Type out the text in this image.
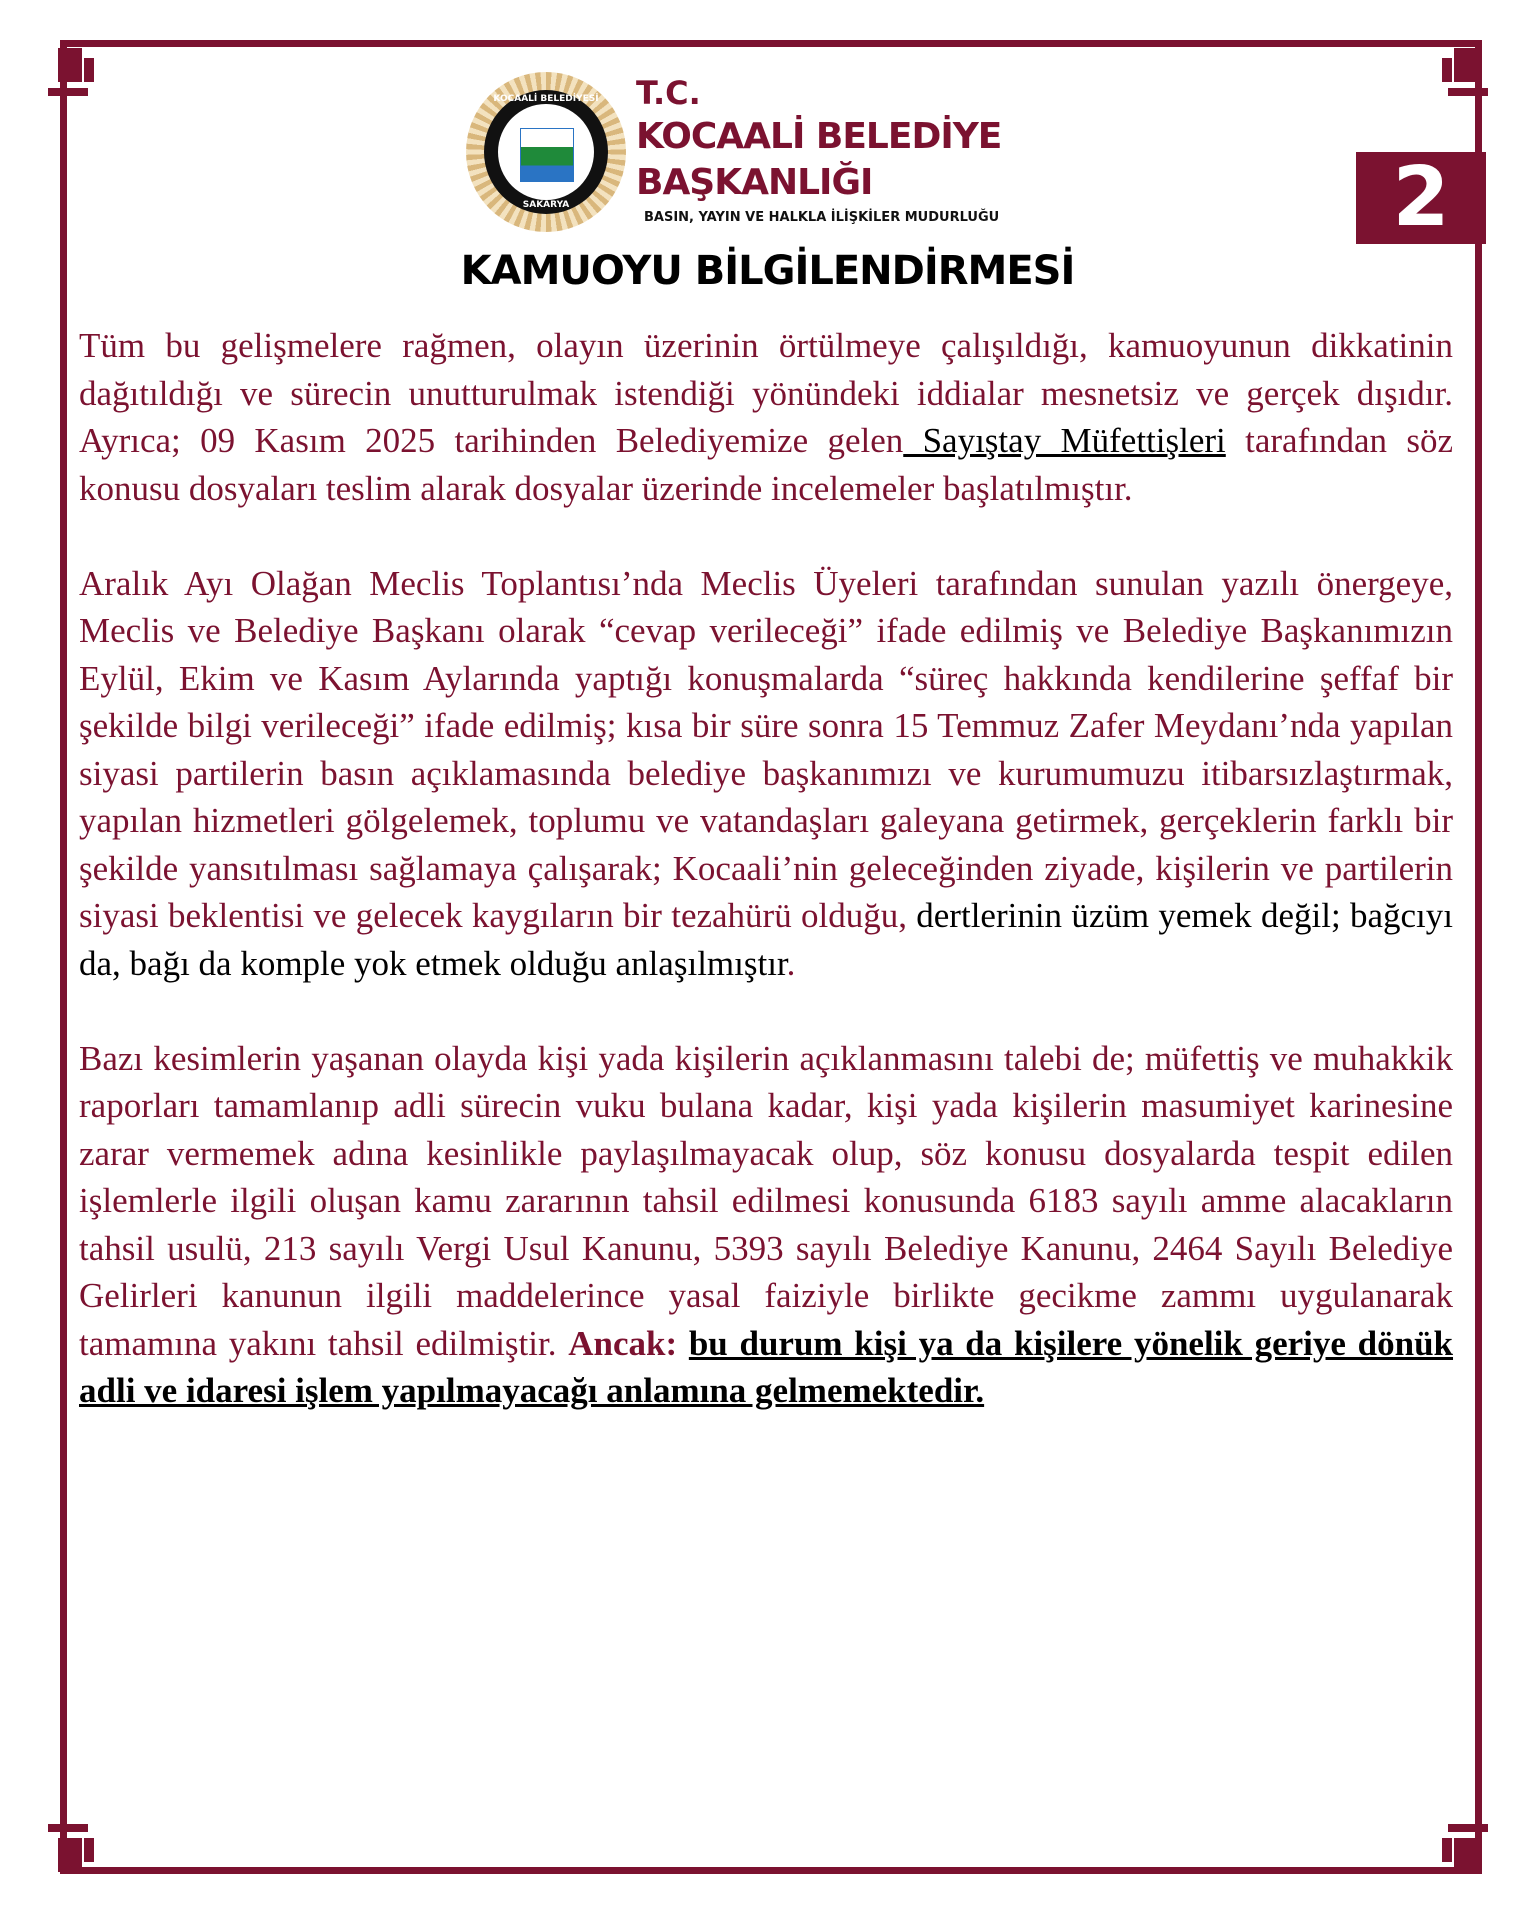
KOCAALİ BELEDİYESİ
SAKARYA
T.C.
KOCAALİ BELEDİYE
BAŞKANLIĞI
BASIN, YAYIN VE HALKLA İLİŞKİLER MUDURLUĞU	2
KAMUOYU BİLGİLENDİRMESİ

Tüm bu gelişmelere rağmen, olayın üzerinin örtülmeye çalışıldığı, kamuoyunun dikkatinin dağıtıldığı ve sürecin unutturulmak istendiği yönündeki iddialar mesnetsiz ve gerçek dışıdır. Ayrıca; 09 Kasım 2025 tarihinden Belediyemize gelen Sayıştay Müfettişleri tarafından söz konusu dosyaları teslim alarak dosyalar üzerinde incelemeler başlatılmıştır.

Aralık Ayı Olağan Meclis Toplantısı’nda Meclis Üyeleri tarafından sunulan yazılı önergeye, Meclis ve Belediye Başkanı olarak “cevap verileceği” ifade edilmiş ve Belediye Başkanımızın Eylül, Ekim ve Kasım Aylarında yaptığı konuşmalarda “süreç hakkında kendilerine şeffaf bir şekilde bilgi verileceği” ifade edilmiş; kısa bir süre sonra 15 Temmuz Zafer Meydanı’nda yapılan siyasi partilerin basın açıklamasında belediye başkanımızı ve kurumumuzu itibarsızlaştırmak, yapılan hizmetleri gölgelemek, toplumu ve vatandaşları galeyana getirmek, gerçeklerin farklı bir şekilde yansıtılması sağlamaya çalışarak; Kocaali’nin geleceğinden ziyade, kişilerin ve partilerin siyasi beklentisi ve gelecek kaygıların bir tezahürü olduğu, dertlerinin üzüm yemek değil; bağcıyı da, bağı da komple yok etmek olduğu anlaşılmıştır.

Bazı kesimlerin yaşanan olayda kişi yada kişilerin açıklanmasını talebi de; müfettiş ve muhakkik raporları tamamlanıp adli sürecin vuku bulana kadar, kişi yada kişilerin masumiyet karinesine zarar vermemek adına kesinlikle paylaşılmayacak olup, söz konusu dosyalarda tespit edilen işlemlerle ilgili oluşan kamu zararının tahsil edilmesi konusunda 6183 sayılı amme alacakların tahsil usulü, 213 sayılı Vergi Usul Kanunu, 5393 sayılı Belediye Kanunu, 2464 Sayılı Belediye Gelirleri kanunun ilgili maddelerince yasal faiziyle birlikte gecikme zammı uygulanarak tamamına yakını tahsil edilmiştir. Ancak: bu durum kişi ya da kişilere yönelik geriye dönük adli ve idaresi işlem yapılmayacağı anlamına gelmemektedir.
